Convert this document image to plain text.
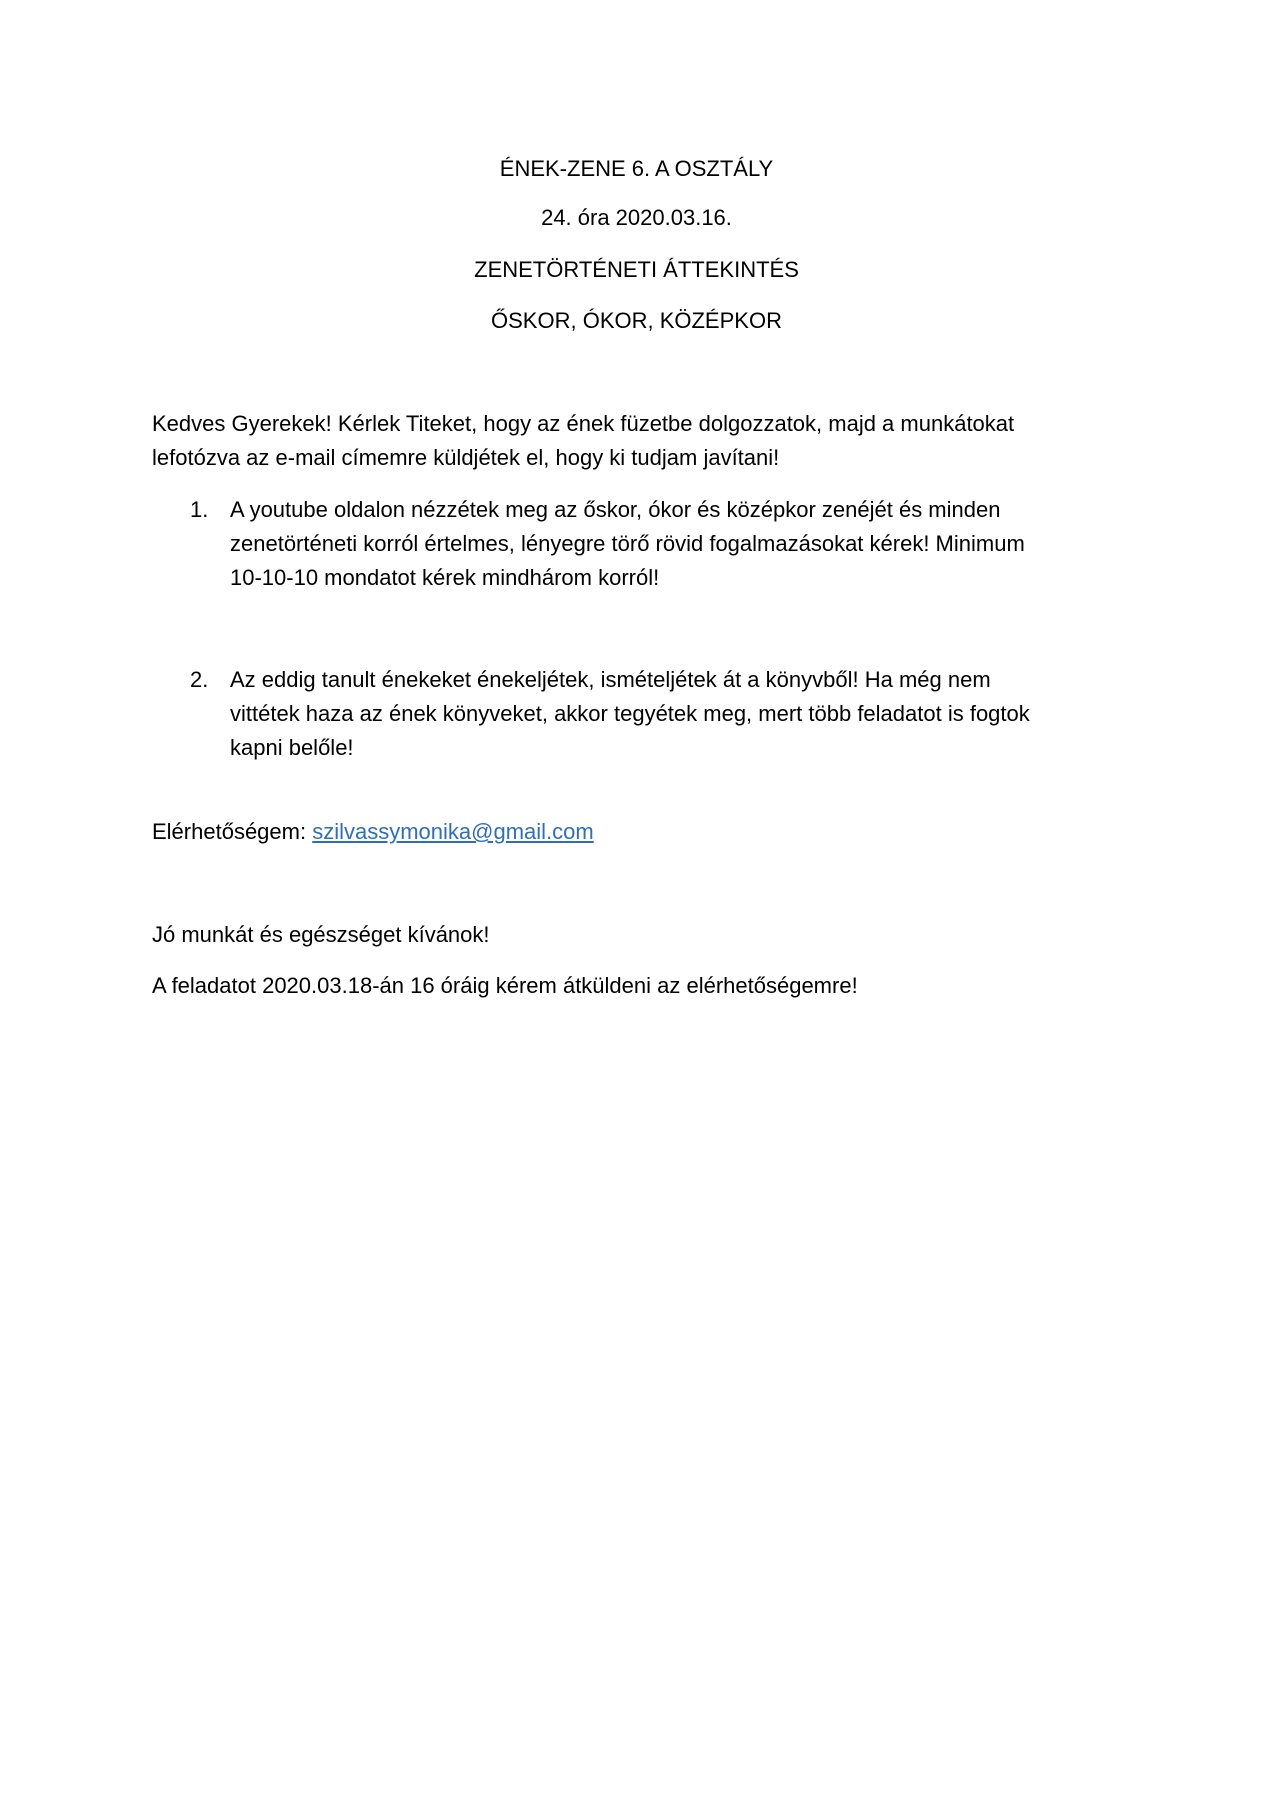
ÉNEK-ZENE 6. A OSZTÁLY
24. óra 2020.03.16.
ZENETÖRTÉNETI ÁTTEKINTÉS
ŐSKOR, ÓKOR, KÖZÉPKOR
Kedves Gyerekek! Kérlek Titeket, hogy az ének füzetbe dolgozzatok, majd a munkátokat
lefotózva az e-mail címemre küldjétek el, hogy ki tudjam javítani!
1. A youtube oldalon nézzétek meg az őskor, ókor és középkor zenéjét és minden
zenetörténeti korról értelmes, lényegre törő rövid fogalmazásokat kérek! Minimum
10-10-10 mondatot kérek mindhárom korról!
2. Az eddig tanult énekeket énekeljétek, ismételjétek át a könyvből! Ha még nem
vittétek haza az ének könyveket, akkor tegyétek meg, mert több feladatot is fogtok
kapni belőle!
Elérhetőségem: szilvassymonika@gmail.com
Jó munkát és egészséget kívánok!
A feladatot 2020.03.18-án 16 óráig kérem átküldeni az elérhetőségemre!
